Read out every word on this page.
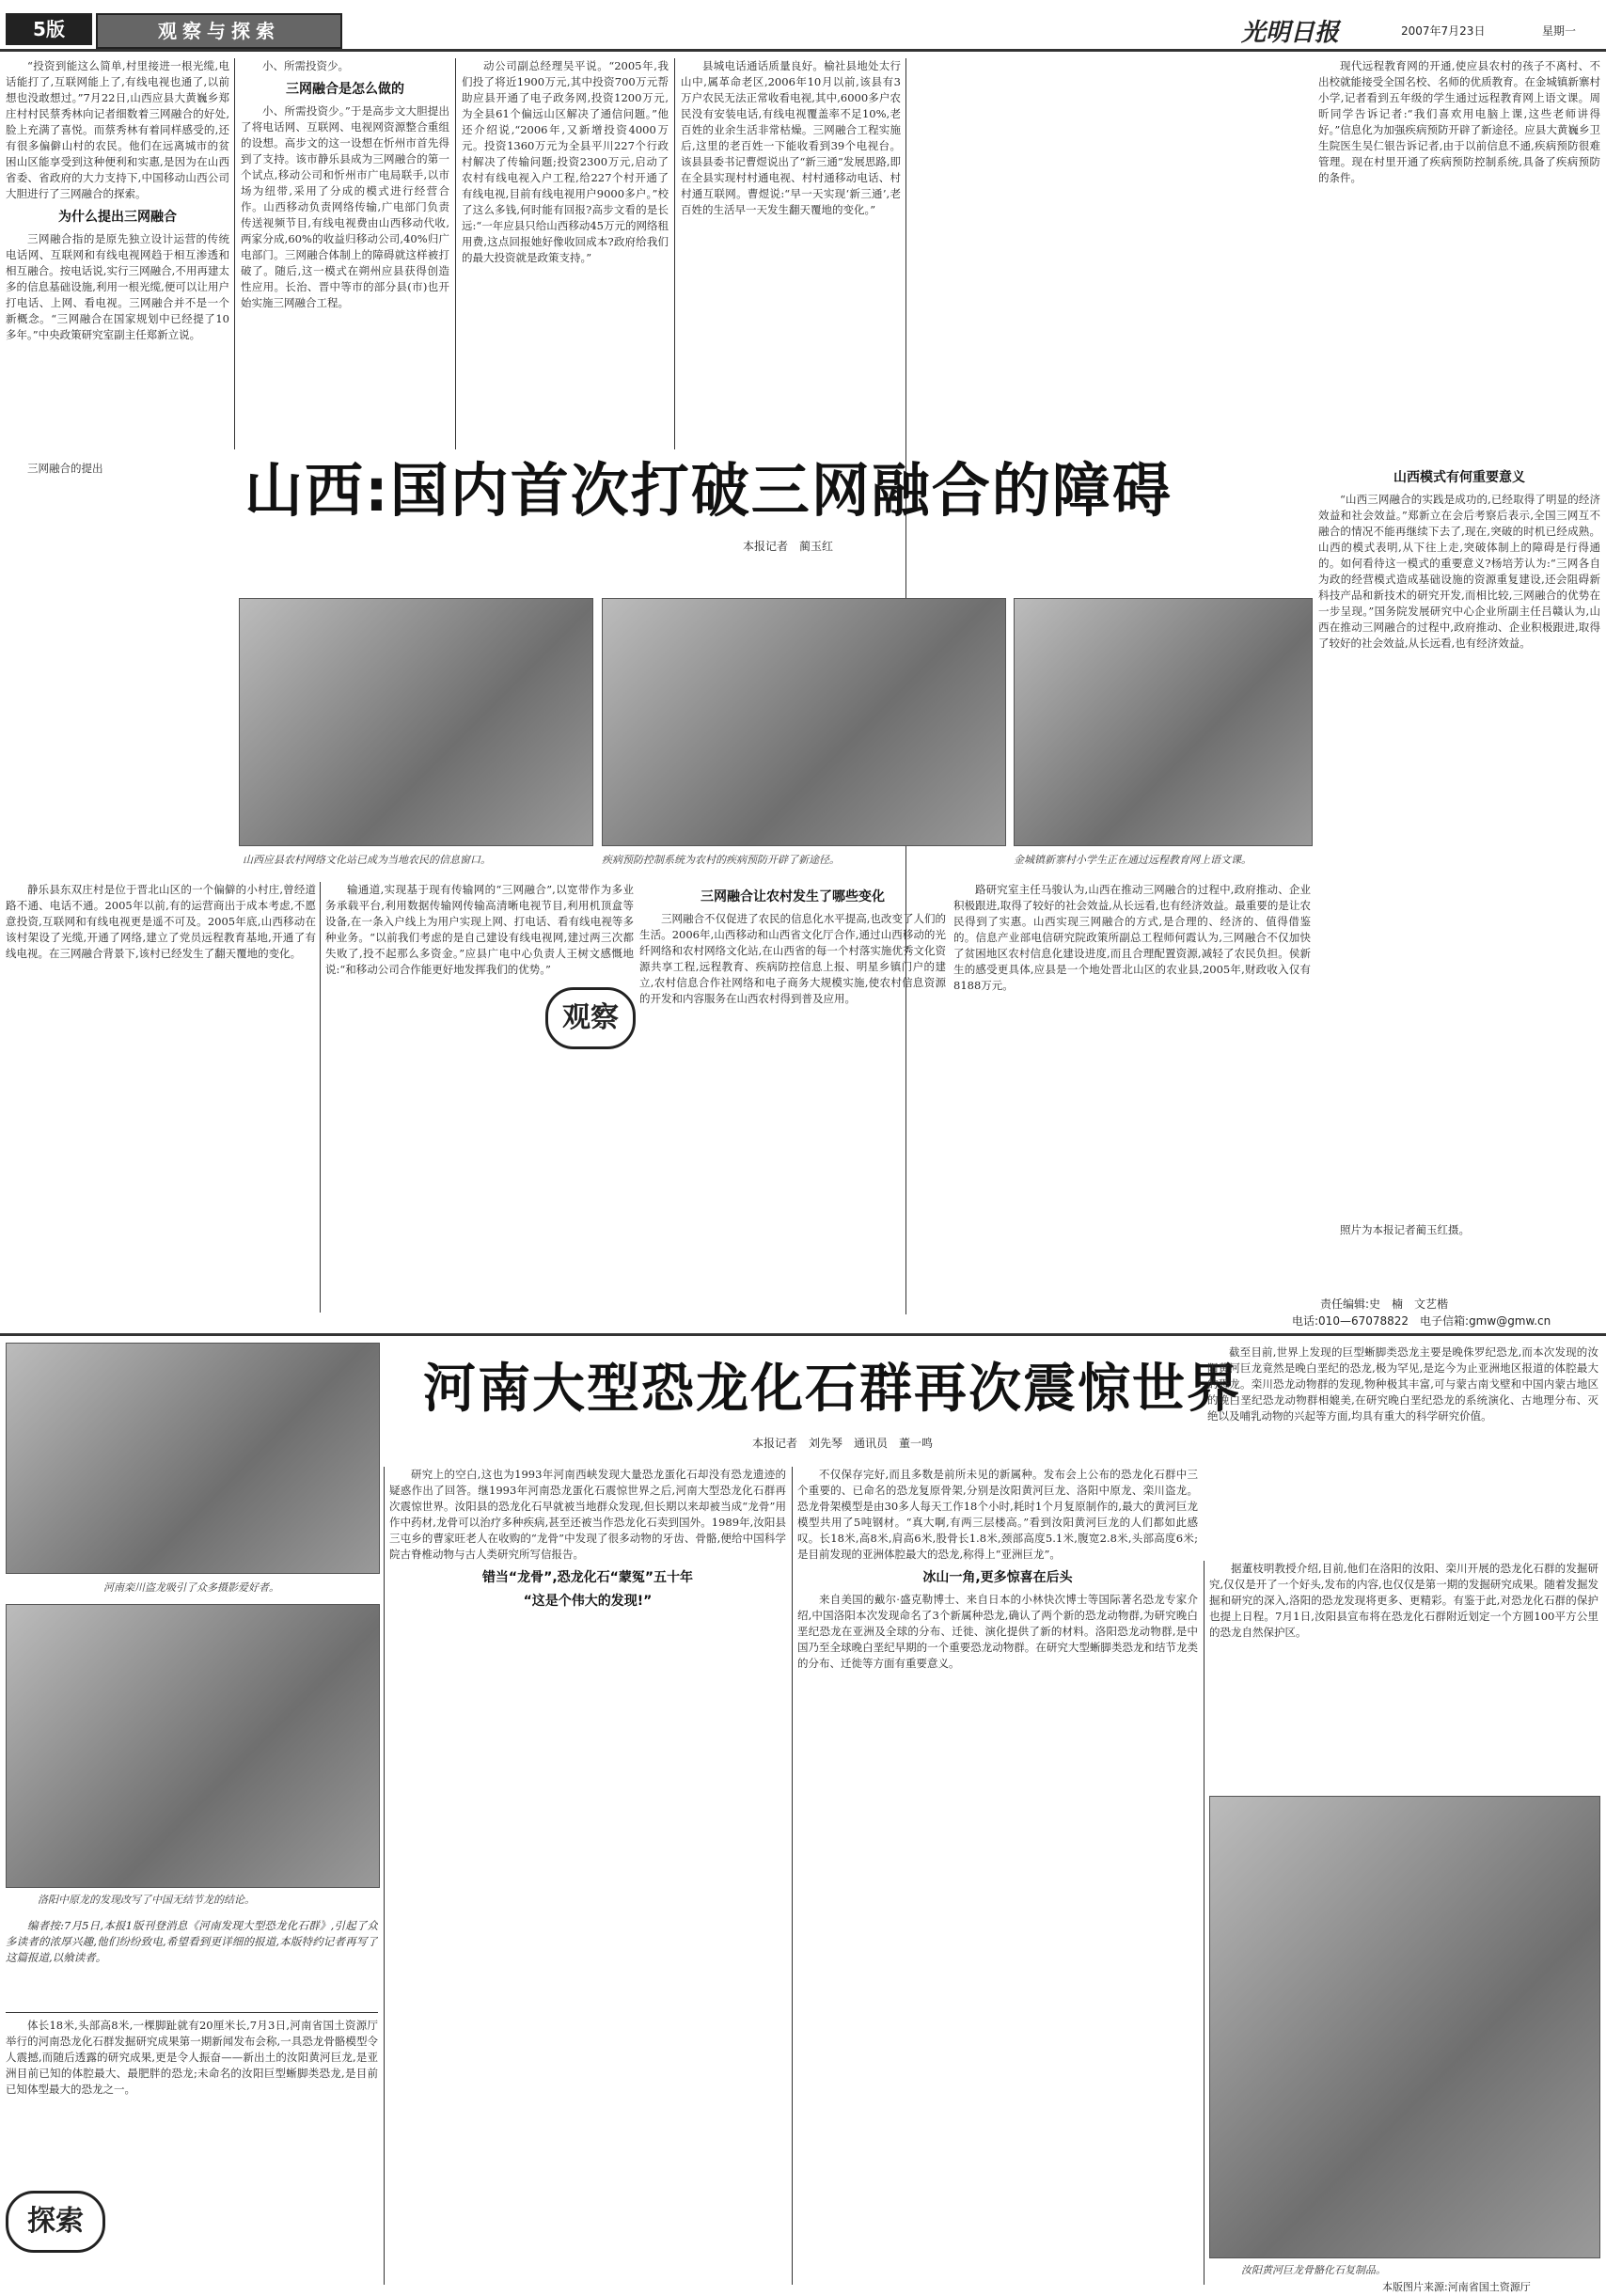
5版	观察与探索	光明日报	2007年7月23日	星期一

“投资到能这么简单,村里接进一根光缆,电话能打了,互联网能上了,有线电视也通了,以前想也没敢想过。”7月22日,山西应县大黄巍乡郑庄村村民蔡秀林向记者细数着三网融合的好处,脸上充满了喜悦。而蔡秀林有着同样感受的,还有很多偏僻山村的农民。他们在远离城市的贫困山区能享受到这种便利和实惠,是因为在山西省委、省政府的大力支持下,中国移动山西公司大胆进行了三网融合的探索。

为什么提出三网融合

三网融合指的是原先独立设计运营的传统电话网、互联网和有线电视网趋于相互渗透和相互融合。按电话说,实行三网融合,不用再建太多的信息基础设施,利用一根光缆,便可以让用户打电话、上网、看电视。三网融合并不是一个新概念。“三网融合在国家规划中已经提了10多年。”中央政策研究室副主任郑新立说。

小、所需投资少。

三网融合是怎么做的

小、所需投资少。”于是高步文大胆提出了将电话网、互联网、电视网资源整合重组的设想。高步文的这一设想在忻州市首先得到了支持。该市静乐县成为三网融合的第一个试点,移动公司和忻州市广电局联手,以市场为纽带,采用了分成的模式进行经营合作。山西移动负责网络传输,广电部门负责传送视频节目,有线电视费由山西移动代收,两家分成,60%的收益归移动公司,40%归广电部门。三网融合体制上的障碍就这样被打破了。随后,这一模式在朔州应县获得创造性应用。长治、晋中等市的部分县(市)也开始实施三网融合工程。

动公司副总经理吴平说。“2005年,我们投了将近1900万元,其中投资700万元帮助应县开通了电子政务网,投资1200万元,为全县61个偏远山区解决了通信问题。”他还介绍说,“2006年,又新增投资4000万元。投资1360万元为全县平川227个行政村解决了传输问题;投资2300万元,启动了农村有线电视入户工程,给227个村开通了有线电视,目前有线电视用户9000多户。”校了这么多钱,何时能有回报?高步文看的是长远:“一年应县只给山西移动45万元的网络租用费,这点回报她好像收回成本?政府给我们的最大投资就是政策支持。”

县城电话通话质量良好。榆社县地处太行山中,属革命老区,2006年10月以前,该县有3万户农民无法正常收看电视,其中,6000多户农民没有安装电话,有线电视覆盖率不足10%,老百姓的业余生活非常枯燥。三网融合工程实施后,这里的老百姓一下能收看到39个电视台。该县县委书记曹煜说出了“新三通”发展思路,即在全县实现村村通电视、村村通移动电话、村村通互联网。曹煜说:“早一天实现‘新三通’,老百姓的生活早一天发生翻天覆地的变化。”

现代远程教育网的开通,使应县农村的孩子不离村、不出校就能接受全国名校、名师的优质教育。在金城镇新寨村小学,记者看到五年级的学生通过远程教育网上语文课。周昕同学告诉记者:“我们喜欢用电脑上课,这些老师讲得好。”信息化为加强疾病预防开辟了新途径。应县大黄巍乡卫生院医生吴仁银告诉记者,由于以前信息不通,疾病预防很难管理。现在村里开通了疾病预防控制系统,具备了疾病预防的条件。

山西:国内首次打破三网融合的障碍
本报记者　蔺玉红
山西模式有何重要意义

“山西三网融合的实践是成功的,已经取得了明显的经济效益和社会效益。”郑新立在会后考察后表示,全国三网互不融合的情况不能再继续下去了,现在,突破的时机已经成熟。山西的模式表明,从下往上走,突破体制上的障碍是行得通的。如何看待这一模式的重要意义?杨培芳认为:“三网各自为政的经营模式造成基础设施的资源重复建设,还会阻碍新科技产品和新技术的研究开发,而相比较,三网融合的优势在一步呈现。”国务院发展研究中心企业所副主任吕赣认为,山西在推动三网融合的过程中,政府推动、企业积极跟进,取得了较好的社会效益,从长远看,也有经济效益。

三网融合的提出

山西应县农村网络文化站已成为当地农民的信息窗口。	疾病预防控制系统为农村的疾病预防开辟了新途径。	金城镇新寨村小学生正在通过远程教育网上语文课。

静乐县东双庄村是位于晋北山区的一个偏僻的小村庄,曾经道路不通、电话不通。2005年以前,有的运营商出于成本考虑,不愿意投资,互联网和有线电视更是遥不可及。2005年底,山西移动在该村架设了光缆,开通了网络,建立了党员远程教育基地,开通了有线电视。在三网融合背景下,该村已经发生了翻天覆地的变化。

输通道,实现基于现有传输网的“三网融合”,以宽带作为多业务承载平台,利用数据传输网传输高清晰电视节目,利用机顶盒等设备,在一条入户线上为用户实现上网、打电话、看有线电视等多种业务。“以前我们考虑的是自己建设有线电视网,建过两三次都失败了,投不起那么多资金。”应县广电中心负责人王树文感慨地说:“和移动公司合作能更好地发挥我们的优势。”

观察
三网融合让农村发生了哪些变化

三网融合不仅促进了农民的信息化水平提高,也改变了人们的生活。2006年,山西移动和山西省文化厅合作,通过山西移动的光纤网络和农村网络文化站,在山西省的每一个村落实施优秀文化资源共享工程,远程教育、疾病防控信息上报、明星乡镇门户的建立,农村信息合作社网络和电子商务大规模实施,使农村信息资源的开发和内容服务在山西农村得到普及应用。

路研究室主任马骏认为,山西在推动三网融合的过程中,政府推动、企业积极跟进,取得了较好的社会效益,从长远看,也有经济效益。最重要的是让农民得到了实惠。山西实现三网融合的方式,是合理的、经济的、值得借鉴的。信息产业部电信研究院政策所副总工程师何霞认为,三网融合不仅加快了贫困地区农村信息化建设进度,而且合理配置资源,减轻了农民负担。侯新生的感受更具体,应县是一个地处晋北山区的农业县,2005年,财政收入仅有8188万元。

照片为本报记者蔺玉红摄。

责任编辑:史　楠　文艺楷
电话:010—67078822　电子信箱:gmw@gmw.cn
河南栾川盗龙吸引了众多摄影爱好者。
河南大型恐龙化石群再次震惊世界
本报记者　刘先琴　通讯员　董一鸣

截至目前,世界上发现的巨型蜥脚类恐龙主要是晚侏罗纪恐龙,而本次发现的汝阳黄河巨龙竟然是晚白垩纪的恐龙,极为罕见,是迄今为止亚洲地区报道的体腔最大的恐龙。栾川恐龙动物群的发现,物种极其丰富,可与蒙古南戈壁和中国内蒙古地区的晚白垩纪恐龙动物群相媲美,在研究晚白垩纪恐龙的系统演化、古地理分布、灭绝以及哺乳动物的兴起等方面,均具有重大的科学研究价值。

洛阳中原龙的发现改写了中国无结节龙的结论。

编者按:7月5日,本报1版刊登消息《河南发现大型恐龙化石群》,引起了众多读者的浓厚兴趣,他们纷纷致电,希望看到更详细的报道,本版特约记者再写了这篇报道,以飨读者。

体长18米,头部高8米,一棵脚趾就有20厘米长,7月3日,河南省国土资源厅举行的河南恐龙化石群发掘研究成果第一期新闻发布会称,一具恐龙骨骼模型令人震撼,而随后透露的研究成果,更是令人振奋——新出土的汝阳黄河巨龙,是亚洲目前已知的体腔最大、最肥胖的恐龙;未命名的汝阳巨型蜥脚类恐龙,是目前已知体型最大的恐龙之一。

探索

研究上的空白,这也为1993年河南西峡发现大量恐龙蛋化石却没有恐龙遗迹的疑惑作出了回答。继1993年河南恐龙蛋化石震惊世界之后,河南大型恐龙化石群再次震惊世界。汝阳县的恐龙化石早就被当地群众发现,但长期以来却被当成“龙骨”用作中药材,龙骨可以治疗多种疾病,甚至还被当作恐龙化石卖到国外。1989年,汝阳县三屯乡的曹家旺老人在收购的“龙骨”中发现了很多动物的牙齿、骨骼,便给中国科学院古脊椎动物与古人类研究所写信报告。

错当“龙骨”,恐龙化石“蒙冤”五十年
“这是个伟大的发现!”

不仅保存完好,而且多数是前所未见的新属种。发布会上公布的恐龙化石群中三个重要的、已命名的恐龙复原骨架,分别是汝阳黄河巨龙、洛阳中原龙、栾川盗龙。恐龙骨架模型是由30多人每天工作18个小时,耗时1个月复原制作的,最大的黄河巨龙模型共用了5吨钢材。“真大啊,有两三层楼高。”看到汝阳黄河巨龙的人们都如此感叹。长18米,高8米,肩高6米,股骨长1.8米,颈部高度5.1米,腹宽2.8米,头部高度6米;是目前发现的亚洲体腔最大的恐龙,称得上“亚洲巨龙”。

冰山一角,更多惊喜在后头

来自美国的戴尔·盛克勒博士、来自日本的小林快次博士等国际著名恐龙专家介绍,中国洛阳本次发现命名了3个新属种恐龙,确认了两个新的恐龙动物群,为研究晚白垩纪恐龙在亚洲及全球的分布、迁徙、演化提供了新的材料。洛阳恐龙动物群,是中国乃至全球晚白垩纪早期的一个重要恐龙动物群。在研究大型蜥脚类恐龙和结节龙类的分布、迁徙等方面有重要意义。

据董枝明教授介绍,目前,他们在洛阳的汝阳、栾川开展的恐龙化石群的发掘研究,仅仅是开了一个好头,发布的内容,也仅仅是第一期的发掘研究成果。随着发掘发掘和研究的深入,洛阳的恐龙发现将更多、更精彩。有鉴于此,对恐龙化石群的保护也提上日程。7月1日,汝阳县宣布将在恐龙化石群附近划定一个方圆100平方公里的恐龙自然保护区。

汝阳黄河巨龙骨骼化石复制品。
本版图片来源:河南省国土资源厅
